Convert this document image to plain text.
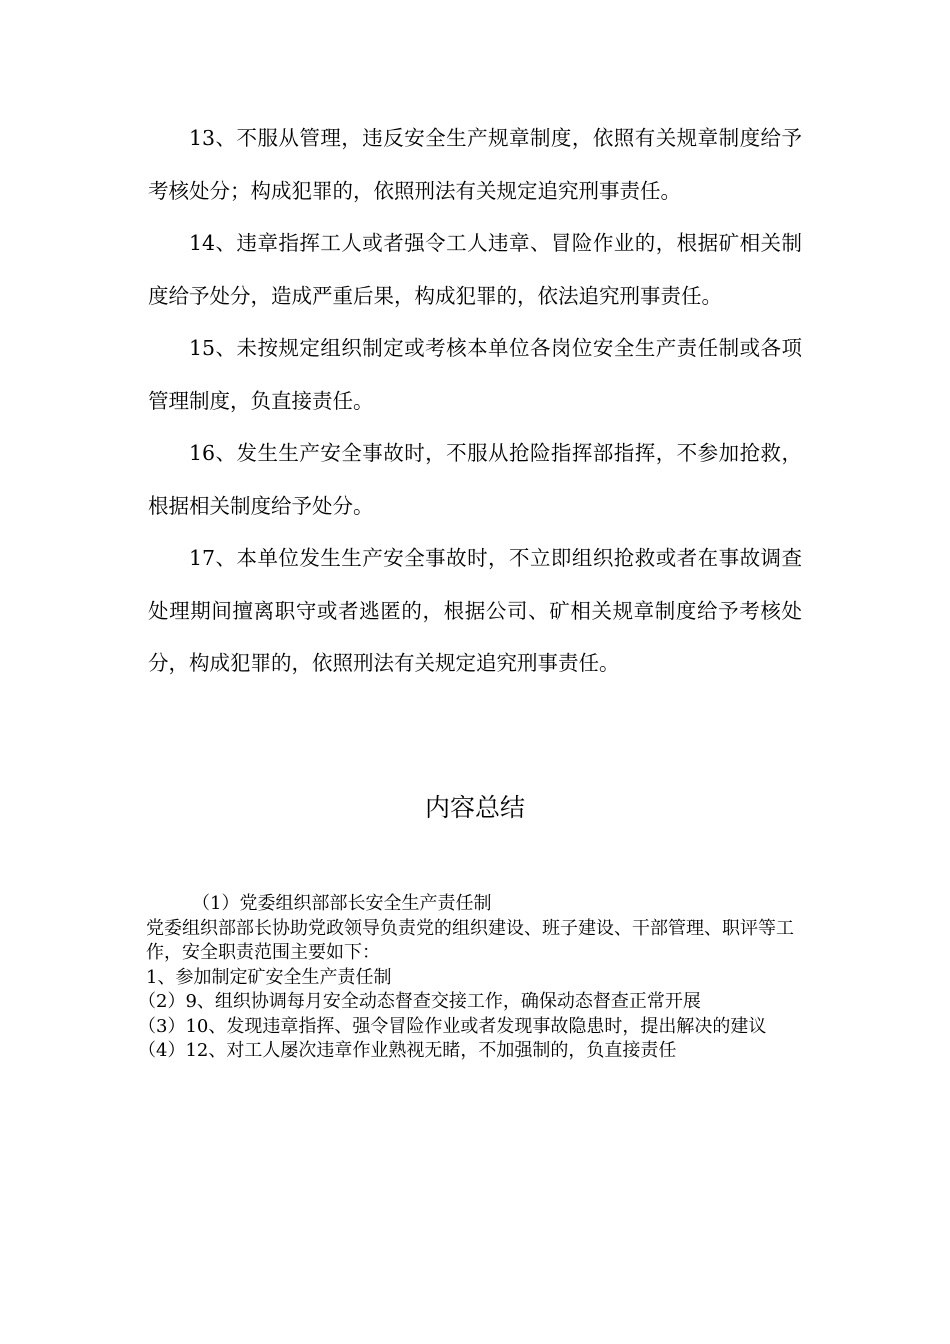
13、不服从管理，违反安全生产规章制度，依照有关规章制度给予考核处分；构成犯罪的，依照刑法有关规定追究刑事责任。

14、违章指挥工人或者强令工人违章、冒险作业的，根据矿相关制度给予处分，造成严重后果，构成犯罪的，依法追究刑事责任。

15、未按规定组织制定或考核本单位各岗位安全生产责任制或各项管理制度，负直接责任。

16、发生生产安全事故时，不服从抢险指挥部指挥，不参加抢救，根据相关制度给予处分。

17、本单位发生生产安全事故时，不立即组织抢救或者在事故调查处理期间擅离职守或者逃匿的，根据公司、矿相关规章制度给予考核处分，构成犯罪的，依照刑法有关规定追究刑事责任。

内容总结

（1）党委组织部部长安全生产责任制

党委组织部部长协助党政领导负责党的组织建设、班子建设、干部管理、职评等工作，安全职责范围主要如下：

1、参加制定矿安全生产责任制

（2）9、组织协调每月安全动态督查交接工作，确保动态督查正常开展

（3）10、发现违章指挥、强令冒险作业或者发现事故隐患时，提出解决的建议

（4）12、对工人屡次违章作业熟视无睹，不加强制的，负直接责任
